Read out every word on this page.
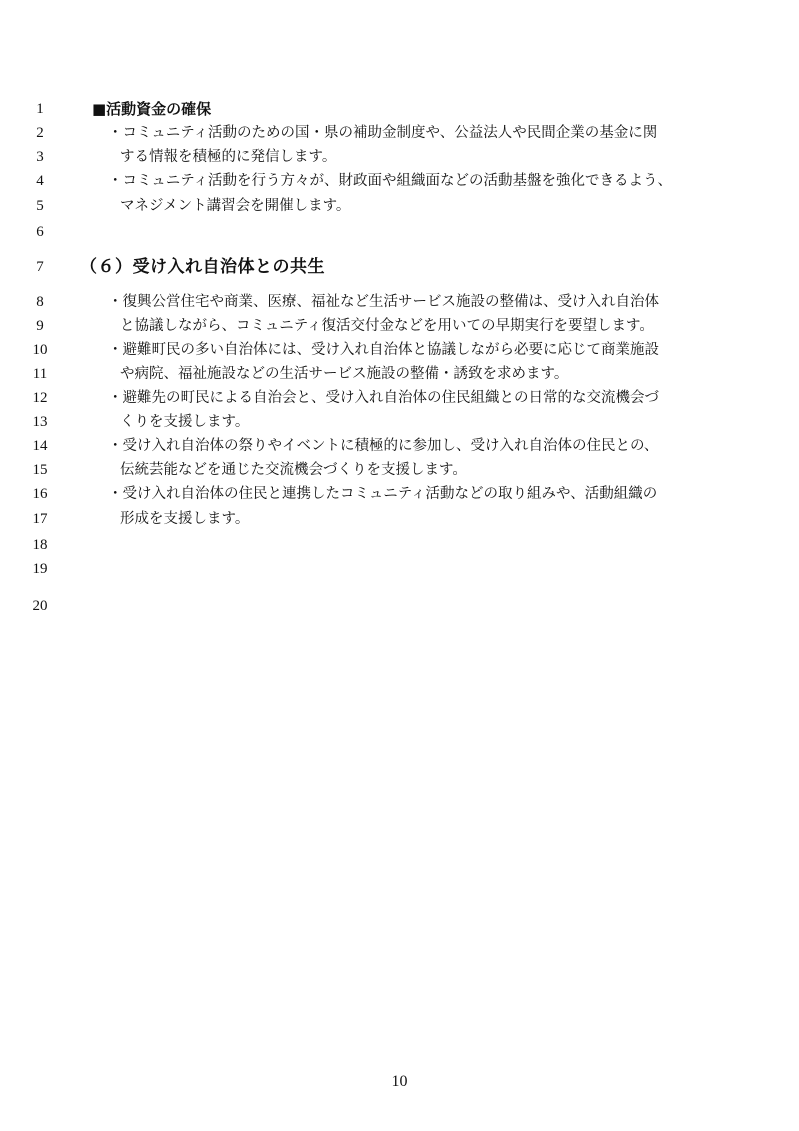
1	■活動資金の確保
2	・コミュニティ活動のための国・県の補助金制度や、公益法人や民間企業の基金に関
3	する情報を積極的に発信します。
4	・コミュニティ活動を行う方々が、財政面や組織面などの活動基盤を強化できるよう、
5	マネジメント講習会を開催します。
6
7	（６）受け入れ自治体との共生
8	・復興公営住宅や商業、医療、福祉など生活サービス施設の整備は、受け入れ自治体
9	と協議しながら、コミュニティ復活交付金などを用いての早期実行を要望します。
10	・避難町民の多い自治体には、受け入れ自治体と協議しながら必要に応じて商業施設
11	や病院、福祉施設などの生活サービス施設の整備・誘致を求めます。
12	・避難先の町民による自治会と、受け入れ自治体の住民組織との日常的な交流機会づ
13	くりを支援します。
14	・受け入れ自治体の祭りやイベントに積極的に参加し、受け入れ自治体の住民との、
15	伝統芸能などを通じた交流機会づくりを支援します。
16	・受け入れ自治体の住民と連携したコミュニティ活動などの取り組みや、活動組織の
17	形成を支援します。
18
19
20
10
